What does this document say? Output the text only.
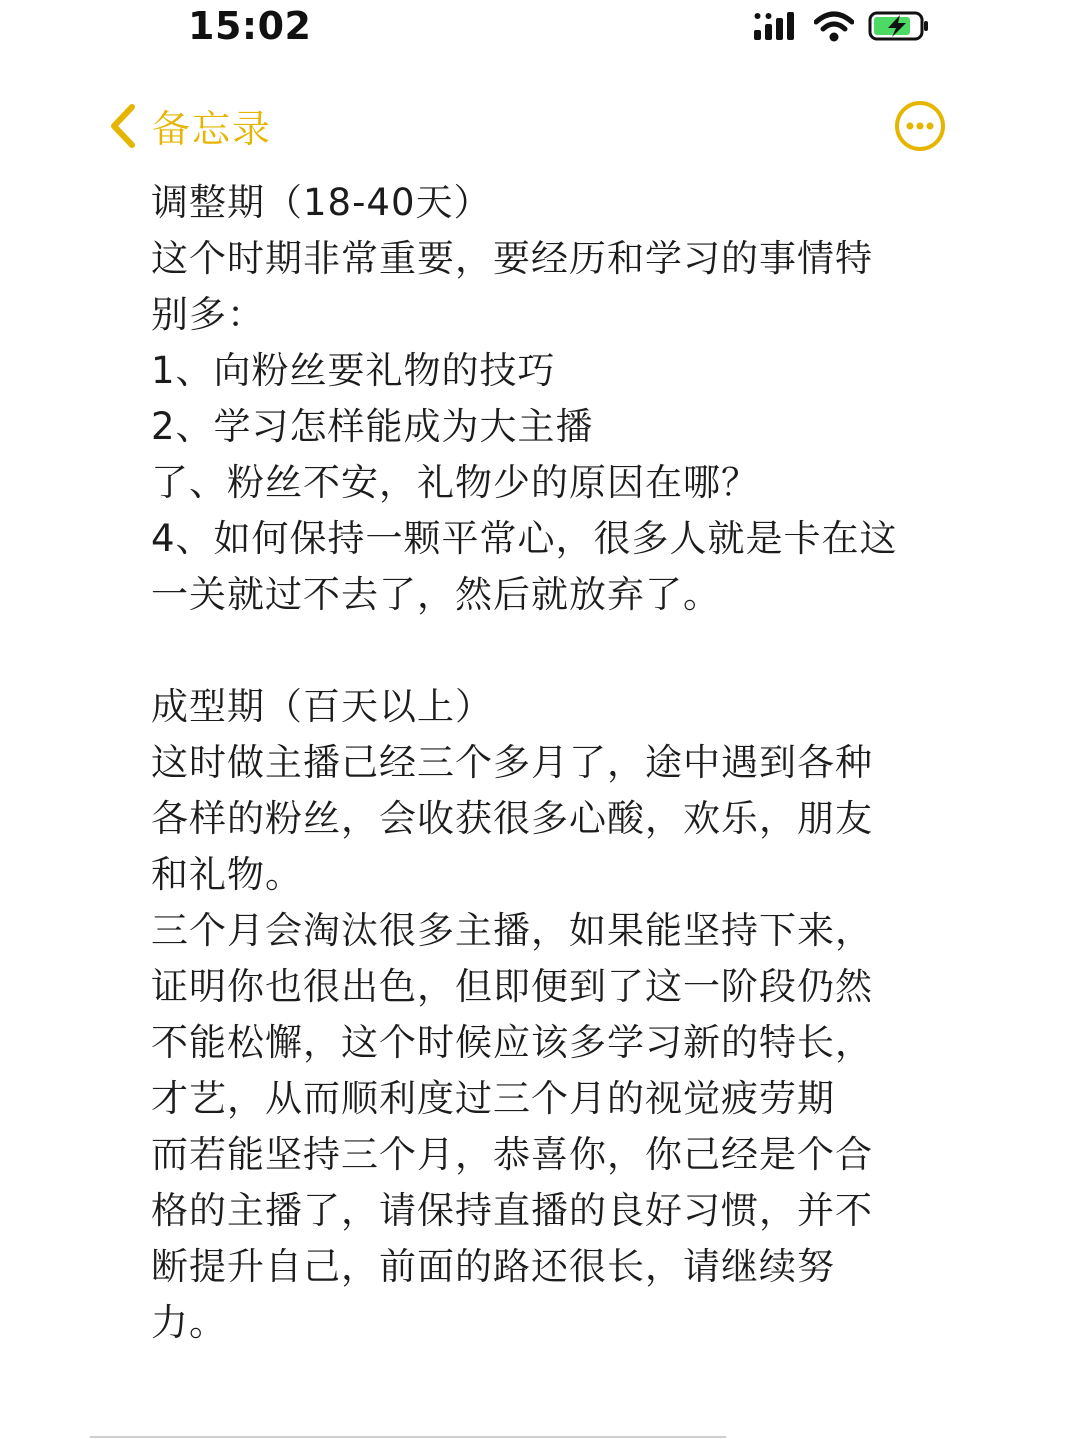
15:02
备忘录
调整期（18-40天）
这个时期非常重要，要经历和学习的事情特
别多：
1、向粉丝要礼物的技巧
2、学习怎样能成为大主播
了、粉丝不安，礼物少的原因在哪？
4、如何保持一颗平常心，很多人就是卡在这
一关就过不去了，然后就放弃了。
成型期（百天以上）
这时做主播己经三个多月了，途中遇到各种
各样的粉丝，会收获很多心酸，欢乐，朋友
和礼物。
三个月会淘汰很多主播，如果能坚持下来，
证明你也很出色，但即便到了这一阶段仍然
不能松懈，这个时候应该多学习新的特长，
才艺，从而顺利度过三个月的视觉疲劳期
而若能坚持三个月，恭喜你，你己经是个合
格的主播了，请保持直播的良好习惯，并不
断提升自己，前面的路还很长，请继续努
力。
